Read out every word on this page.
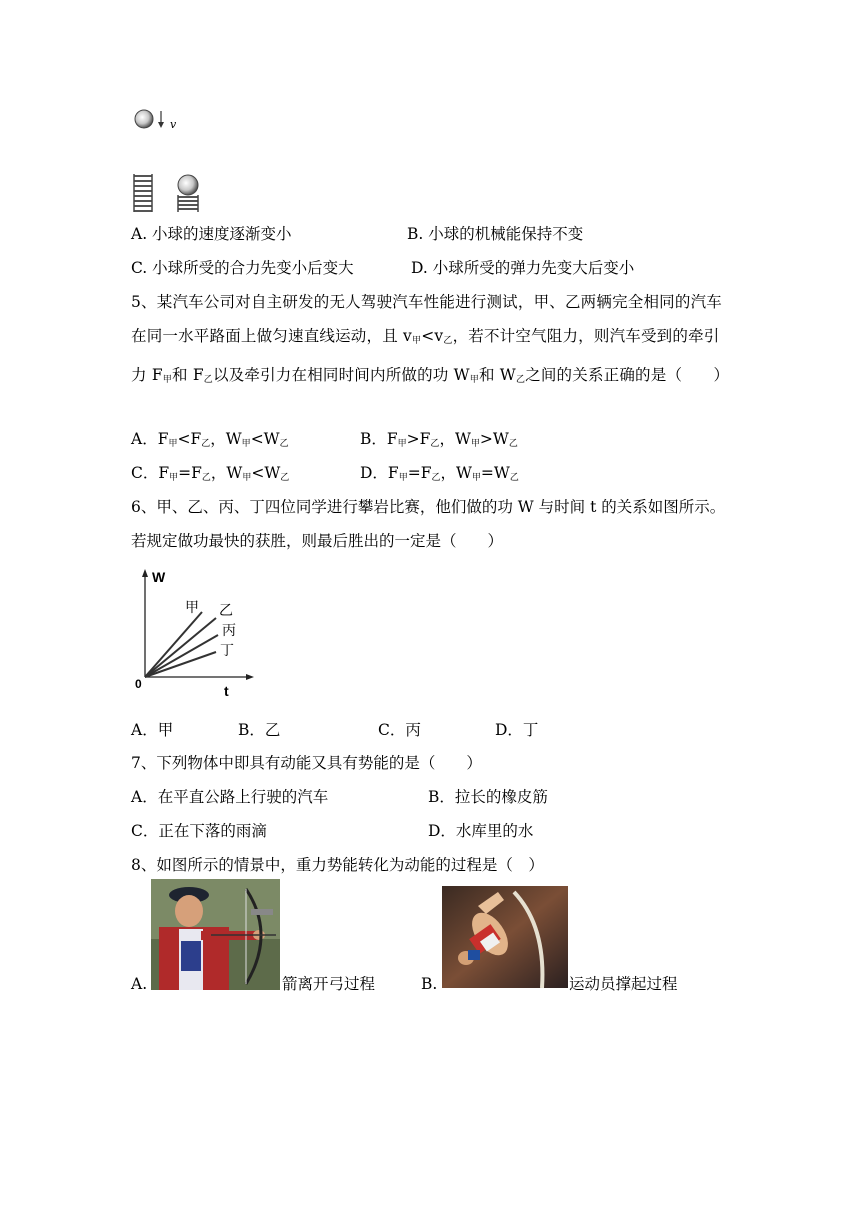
v
A. 小球的速度逐渐变小	B. 小球的机械能保持不变
C. 小球所受的合力先变小后变大	D. 小球所受的弹力先变大后变小
5、某汽车公司对自主研发的无人驾驶汽车性能进行测试，甲、乙两辆完全相同的汽车在同一水平路面上做匀速直线运动，且 $v_甲<v_乙$，若不计空气阻力，则汽车受到的牵引力 $F_甲$和 $F_乙$以及牵引力在相同时间内所做的功 $W_甲$和 $W_乙$之间的关系正确的是（　　）
A．$F_甲<F_乙$，$W_甲<W_乙$	B．$F_甲>F_乙$，$W_甲>W_乙$
C．$F_甲=F_乙$，$W_甲<W_乙$	D．$F_甲=F_乙$，$W_甲=W_乙$
6、甲、乙、丙、丁四位同学进行攀岩比赛，他们做的功 W 与时间 t 的关系如图所示。若规定做功最快的获胜，则最后胜出的一定是（　　）
W
t
0
甲 乙
丙
丁
A．甲	B．乙	C．丙	D．丁
7、下列物体中即具有动能又具有势能的是（　　）
A．在平直公路上行驶的汽车	B．拉长的橡皮筋
C．正在下落的雨滴	D．水库里的水
8、如图所示的情景中，重力势能转化为动能的过程是（　）
A.	箭离开弓过程	B.	运动员撑起过程
